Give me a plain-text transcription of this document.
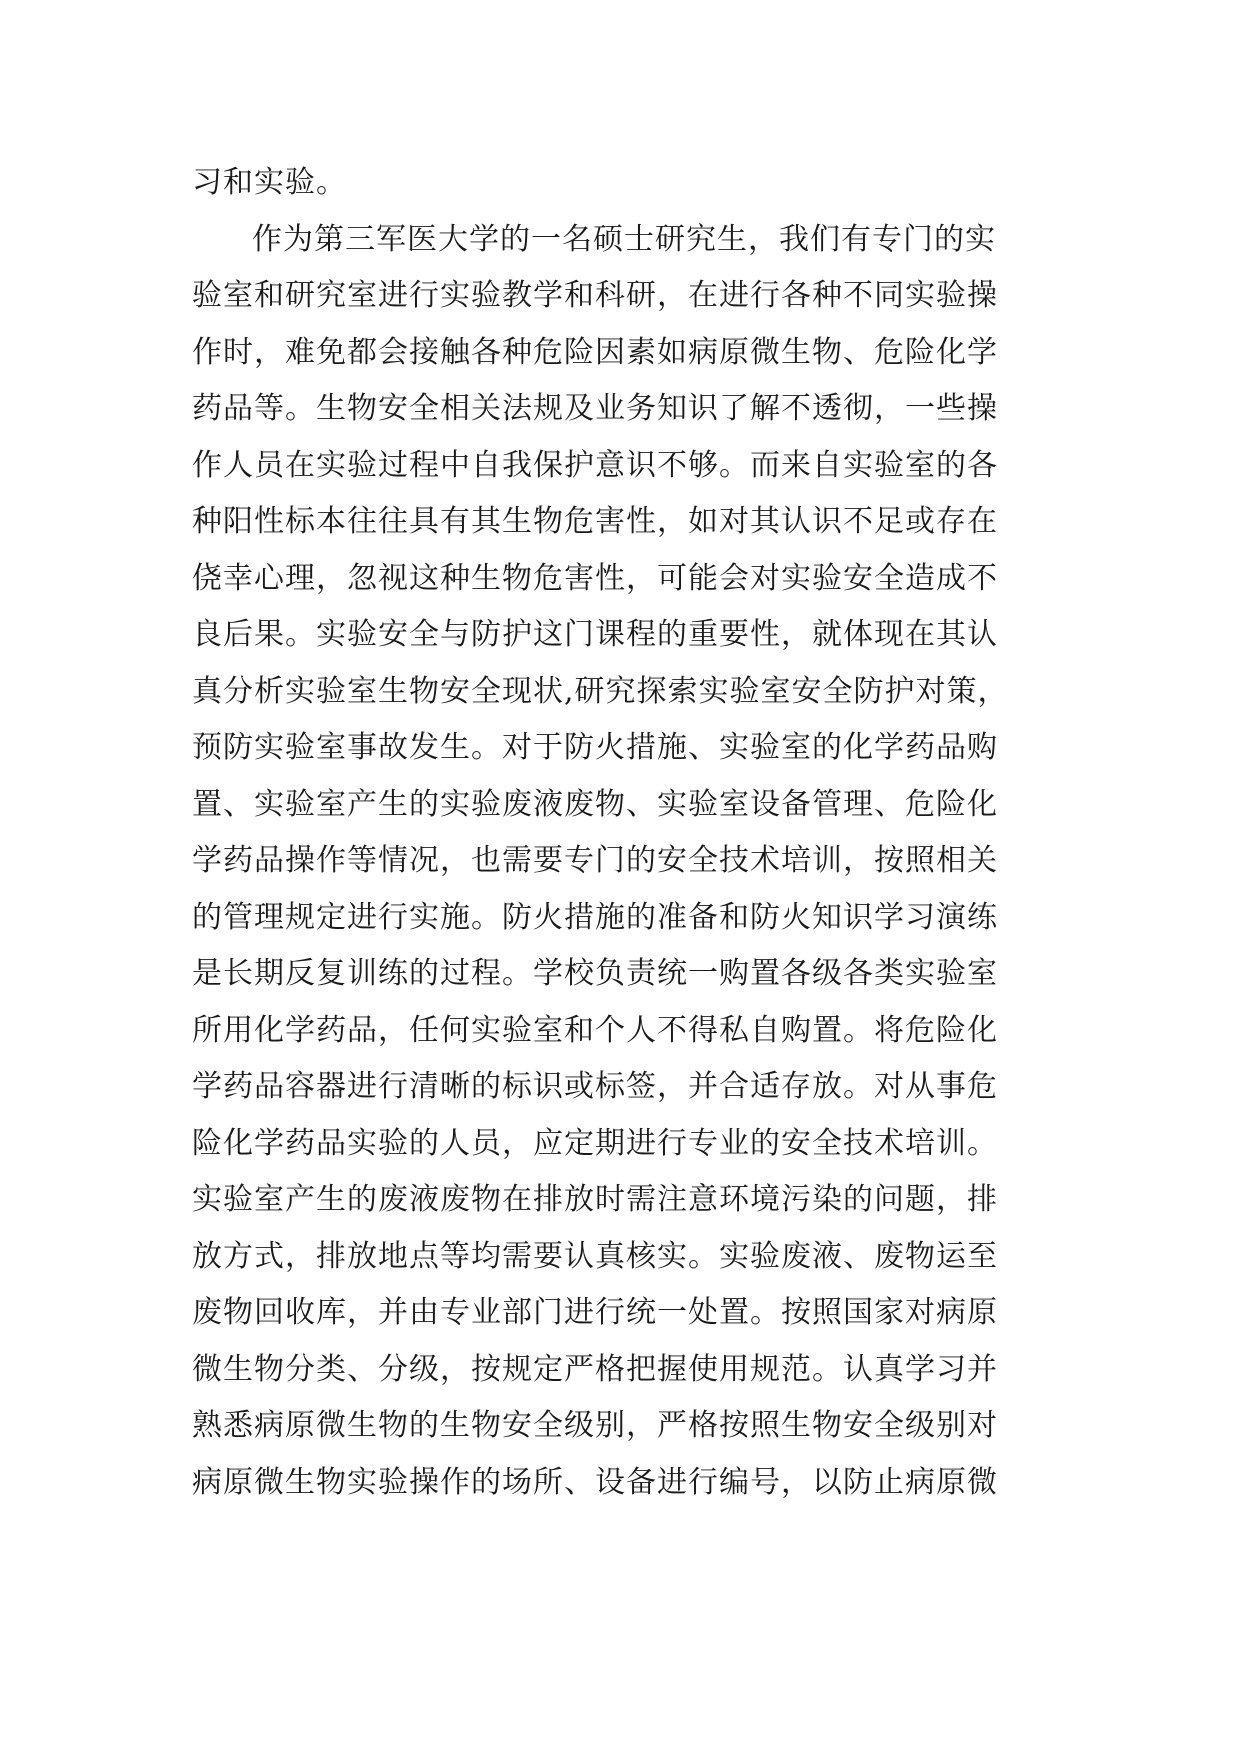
习和实验。
作为第三军医大学的一名硕士研究生，我们有专门的实
验室和研究室进行实验教学和科研，在进行各种不同实验操
作时，难免都会接触各种危险因素如病原微生物、危险化学
药品等。生物安全相关法规及业务知识了解不透彻，一些操
作人员在实验过程中自我保护意识不够。而来自实验室的各
种阳性标本往往具有其生物危害性，如对其认识不足或存在
侥幸心理，忽视这种生物危害性，可能会对实验安全造成不
良后果。实验安全与防护这门课程的重要性，就体现在其认
真分析实验室生物安全现状,研究探索实验室安全防护对策，
预防实验室事故发生。对于防火措施、实验室的化学药品购
置、实验室产生的实验废液废物、实验室设备管理、危险化
学药品操作等情况，也需要专门的安全技术培训，按照相关
的管理规定进行实施。防火措施的准备和防火知识学习演练
是长期反复训练的过程。学校负责统一购置各级各类实验室
所用化学药品，任何实验室和个人不得私自购置。将危险化
学药品容器进行清晰的标识或标签，并合适存放。对从事危
险化学药品实验的人员，应定期进行专业的安全技术培训。
实验室产生的废液废物在排放时需注意环境污染的问题，排
放方式，排放地点等均需要认真核实。实验废液、废物运至
废物回收库，并由专业部门进行统一处置。按照国家对病原
微生物分类、分级，按规定严格把握使用规范。认真学习并
熟悉病原微生物的生物安全级别，严格按照生物安全级别对
病原微生物实验操作的场所、设备进行编号，以防止病原微
